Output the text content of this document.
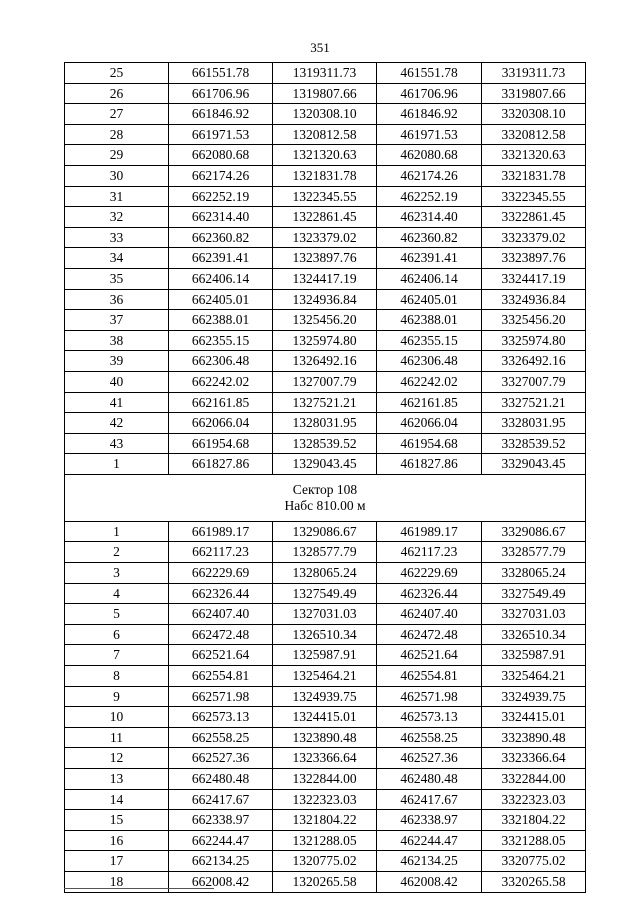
351
25	661551.78	1319311.73	461551.78	3319311.73
26	661706.96	1319807.66	461706.96	3319807.66
27	661846.92	1320308.10	461846.92	3320308.10
28	661971.53	1320812.58	461971.53	3320812.58
29	662080.68	1321320.63	462080.68	3321320.63
30	662174.26	1321831.78	462174.26	3321831.78
31	662252.19	1322345.55	462252.19	3322345.55
32	662314.40	1322861.45	462314.40	3322861.45
33	662360.82	1323379.02	462360.82	3323379.02
34	662391.41	1323897.76	462391.41	3323897.76
35	662406.14	1324417.19	462406.14	3324417.19
36	662405.01	1324936.84	462405.01	3324936.84
37	662388.01	1325456.20	462388.01	3325456.20
38	662355.15	1325974.80	462355.15	3325974.80
39	662306.48	1326492.16	462306.48	3326492.16
40	662242.02	1327007.79	462242.02	3327007.79
41	662161.85	1327521.21	462161.85	3327521.21
42	662066.04	1328031.95	462066.04	3328031.95
43	661954.68	1328539.52	461954.68	3328539.52
1	661827.86	1329043.45	461827.86	3329043.45

Сектор 108
Набс 810.00 м				

1	661989.17	1329086.67	461989.17	3329086.67
2	662117.23	1328577.79	462117.23	3328577.79
3	662229.69	1328065.24	462229.69	3328065.24
4	662326.44	1327549.49	462326.44	3327549.49
5	662407.40	1327031.03	462407.40	3327031.03
6	662472.48	1326510.34	462472.48	3326510.34
7	662521.64	1325987.91	462521.64	3325987.91
8	662554.81	1325464.21	462554.81	3325464.21
9	662571.98	1324939.75	462571.98	3324939.75
10	662573.13	1324415.01	462573.13	3324415.01
11	662558.25	1323890.48	462558.25	3323890.48
12	662527.36	1323366.64	462527.36	3323366.64
13	662480.48	1322844.00	462480.48	3322844.00
14	662417.67	1322323.03	462417.67	3322323.03
15	662338.97	1321804.22	462338.97	3321804.22
16	662244.47	1321288.05	462244.47	3321288.05
17	662134.25	1320775.02	462134.25	3320775.02
18	662008.42	1320265.58	462008.42	3320265.58
